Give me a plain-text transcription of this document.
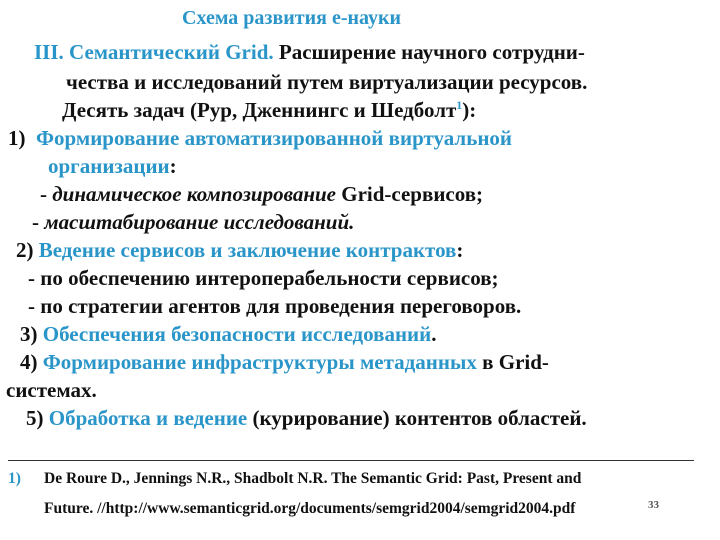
Схема развития е-науки
III. Семантический Grid. Расширение научного сотрудни-
чества и исследований путем виртуализации ресурсов.
Десять задач (Рур, Дженнингс и Шедболт$^1$):
1) Формирование автоматизированной виртуальной
организации:
- динамическое композирование Grid-сервисов;
- масштабирование исследований.
2) Ведение сервисов и заключение контрактов:
- по обеспечению интероперабельности сервисов;
- по стратегии агентов для проведения переговоров.
3) Обеспечения безопасности исследований.
4) Формирование инфраструктуры метаданных в Grid-
системах.
5) Обработка и ведение (курирование) контентов областей.
1) De Roure D., Jennings N.R., Shadbolt N.R. The Semantic Grid: Past, Present and
Future. //http://www.semanticgrid.org/documents/semgrid2004/semgrid2004.pdf	33
